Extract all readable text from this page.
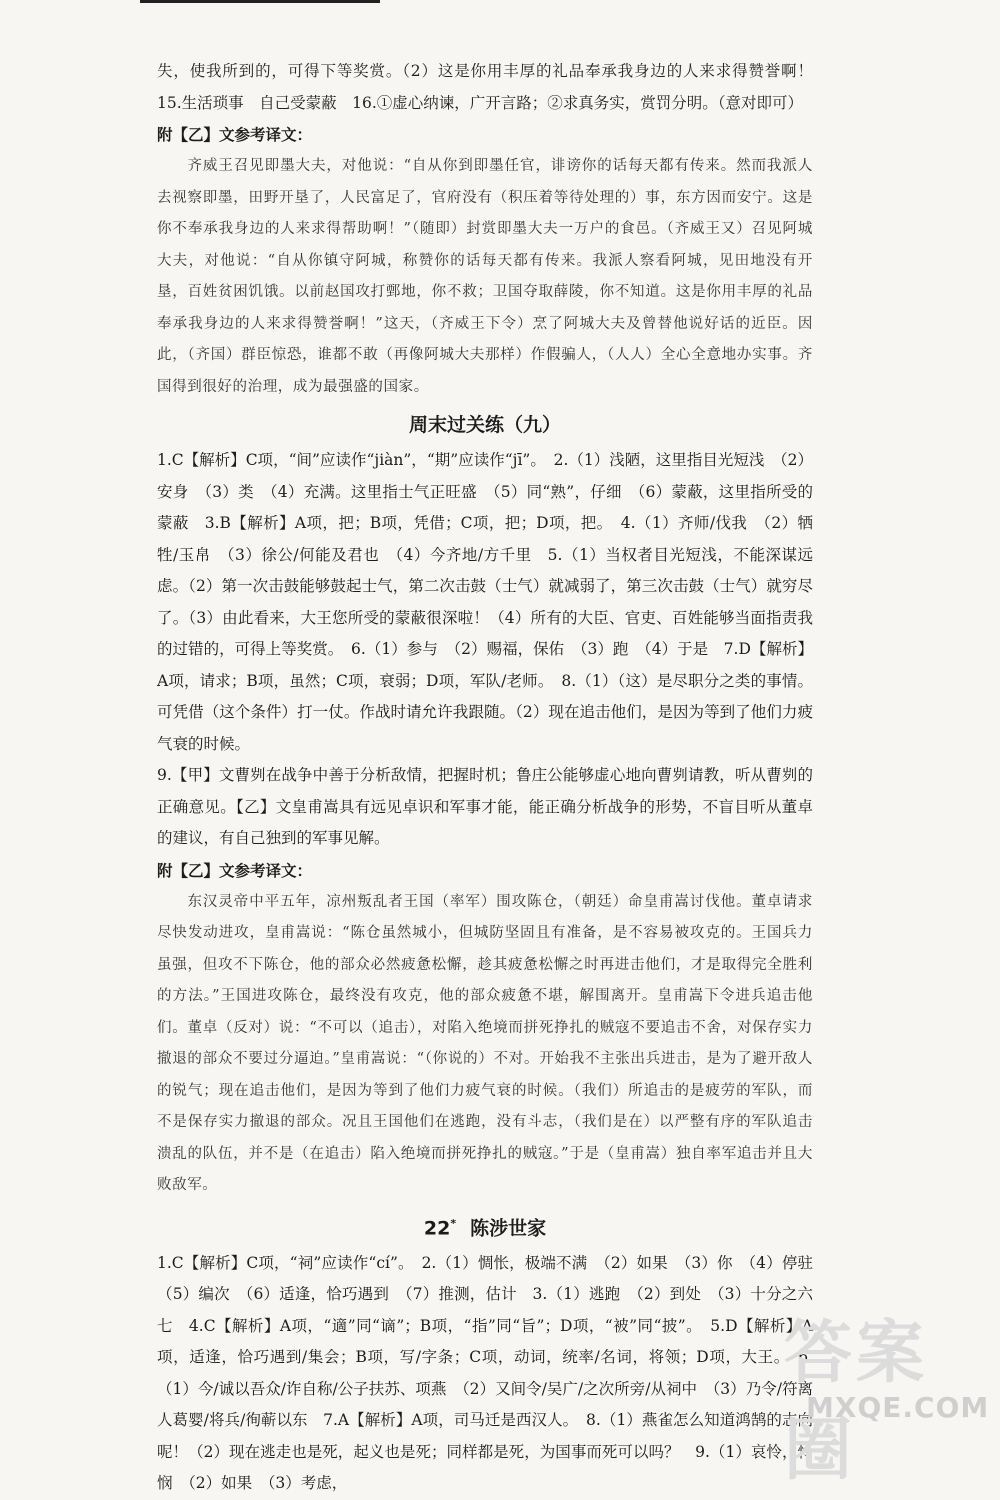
失，使我所到的，可得下等奖赏。（2）这是你用丰厚的礼品奉承我身边的人来求得赞誉啊！　15.生活琐事　自己受蒙蔽　16.①虚心纳谏，广开言路；②求真务实，赏罚分明。（意对即可）

附【乙】文参考译文：

齐威王召见即墨大夫，对他说：“自从你到即墨任官，诽谤你的话每天都有传来。然而我派人去视察即墨，田野开垦了，人民富足了，官府没有（积压着等待处理的）事，东方因而安宁。这是你不奉承我身边的人来求得帮助啊！”（随即）封赏即墨大夫一万户的食邑。（齐威王又）召见阿城大夫，对他说：“自从你镇守阿城，称赞你的话每天都有传来。我派人察看阿城，见田地没有开垦，百姓贫困饥饿。以前赵国攻打鄄地，你不救；卫国夺取薛陵，你不知道。这是你用丰厚的礼品奉承我身边的人来求得赞誉啊！”这天，（齐威王下令）烹了阿城大夫及曾替他说好话的近臣。因此，（齐国）群臣惊恐，谁都不敢（再像阿城大夫那样）作假骗人，（人人）全心全意地办实事。齐国得到很好的治理，成为最强盛的国家。

周末过关练（九）

1.C【解析】C项，“间”应读作“jiàn”，“期”应读作“jī”。　2.（1）浅陋，这里指目光短浅　（2）安身　（3）类　（4）充满。这里指士气正旺盛　（5）同“熟”，仔细　（6）蒙蔽，这里指所受的蒙蔽　3.B【解析】A项，把；B项，凭借；C项，把；D项，把。　4.（1）齐师/伐我　（2）牺牲/玉帛　（3）徐公/何能及君也　（4）今齐地/方千里　5.（1）当权者目光短浅，不能深谋远虑。（2）第一次击鼓能够鼓起士气，第二次击鼓（士气）就减弱了，第三次击鼓（士气）就穷尽了。（3）由此看来，大王您所受的蒙蔽很深啦！（4）所有的大臣、官吏、百姓能够当面指责我的过错的，可得上等奖赏。　6.（1）参与　（2）赐福，保佑　（3）跑　（4）于是　7.D【解析】A项，请求；B项，虽然；C项，衰弱；D项，军队/老师。　8.（1）（这）是尽职分之类的事情。可凭借（这个条件）打一仗。作战时请允许我跟随。（2）现在追击他们，是因为等到了他们力疲气衰的时候。

9.【甲】文曹刿在战争中善于分析敌情，把握时机；鲁庄公能够虚心地向曹刿请教，听从曹刿的正确意见。【乙】文皇甫嵩具有远见卓识和军事才能，能正确分析战争的形势，不盲目听从董卓的建议，有自己独到的军事见解。

附【乙】文参考译文：

东汉灵帝中平五年，凉州叛乱者王国（率军）围攻陈仓，（朝廷）命皇甫嵩讨伐他。董卓请求尽快发动进攻，皇甫嵩说：“陈仓虽然城小，但城防坚固且有准备，是不容易被攻克的。王国兵力虽强，但攻不下陈仓，他的部众必然疲惫松懈，趁其疲惫松懈之时再进击他们，才是取得完全胜利的方法。”王国进攻陈仓，最终没有攻克，他的部众疲惫不堪，解围离开。皇甫嵩下令进兵追击他们。董卓（反对）说：“不可以（追击），对陷入绝境而拼死挣扎的贼寇不要追击不舍，对保存实力撤退的部众不要过分逼迫。”皇甫嵩说：“（你说的）不对。开始我不主张出兵进击，是为了避开敌人的锐气；现在追击他们，是因为等到了他们力疲气衰的时候。（我们）所追击的是疲劳的军队，而不是保存实力撤退的部众。况且王国他们在逃跑，没有斗志，（我们是在）以严整有序的军队追击溃乱的队伍，并不是（在追击）陷入绝境而拼死挣扎的贼寇。”于是（皇甫嵩）独自率军追击并且大败敌军。

22* 陈涉世家

1.C【解析】C项，“祠”应读作“cí”。　2.（1）惆怅，极端不满　（2）如果　（3）你　（4）停驻　（5）编次　（6）适逢，恰巧遇到　（7）推测，估计　3.（1）逃跑　（2）到处　（3）十分之六七　4.C【解析】A项，“適”同“谪”；B项，“指”同“旨”；D项，“被”同“披”。　5.D【解析】A项，适逢，恰巧遇到/集会；B项，写/字条；C项，动词，统率/名词，将领；D项，大王。　6.（1）今/诚以吾众/诈自称/公子扶苏、项燕　（2）又间令/吴广/之次所旁/从祠中　（3）乃令/符离人葛婴/将兵/徇蕲以东　7.A【解析】A项，司马迁是西汉人。　8.（1）燕雀怎么知道鸿鹄的志向呢！（2）现在逃走也是死，起义也是死；同样都是死，为国事而死可以吗？　9.（1）哀怜，怜悯　（2）如果　（3）考虑，

答案圈
MXQE.COM
